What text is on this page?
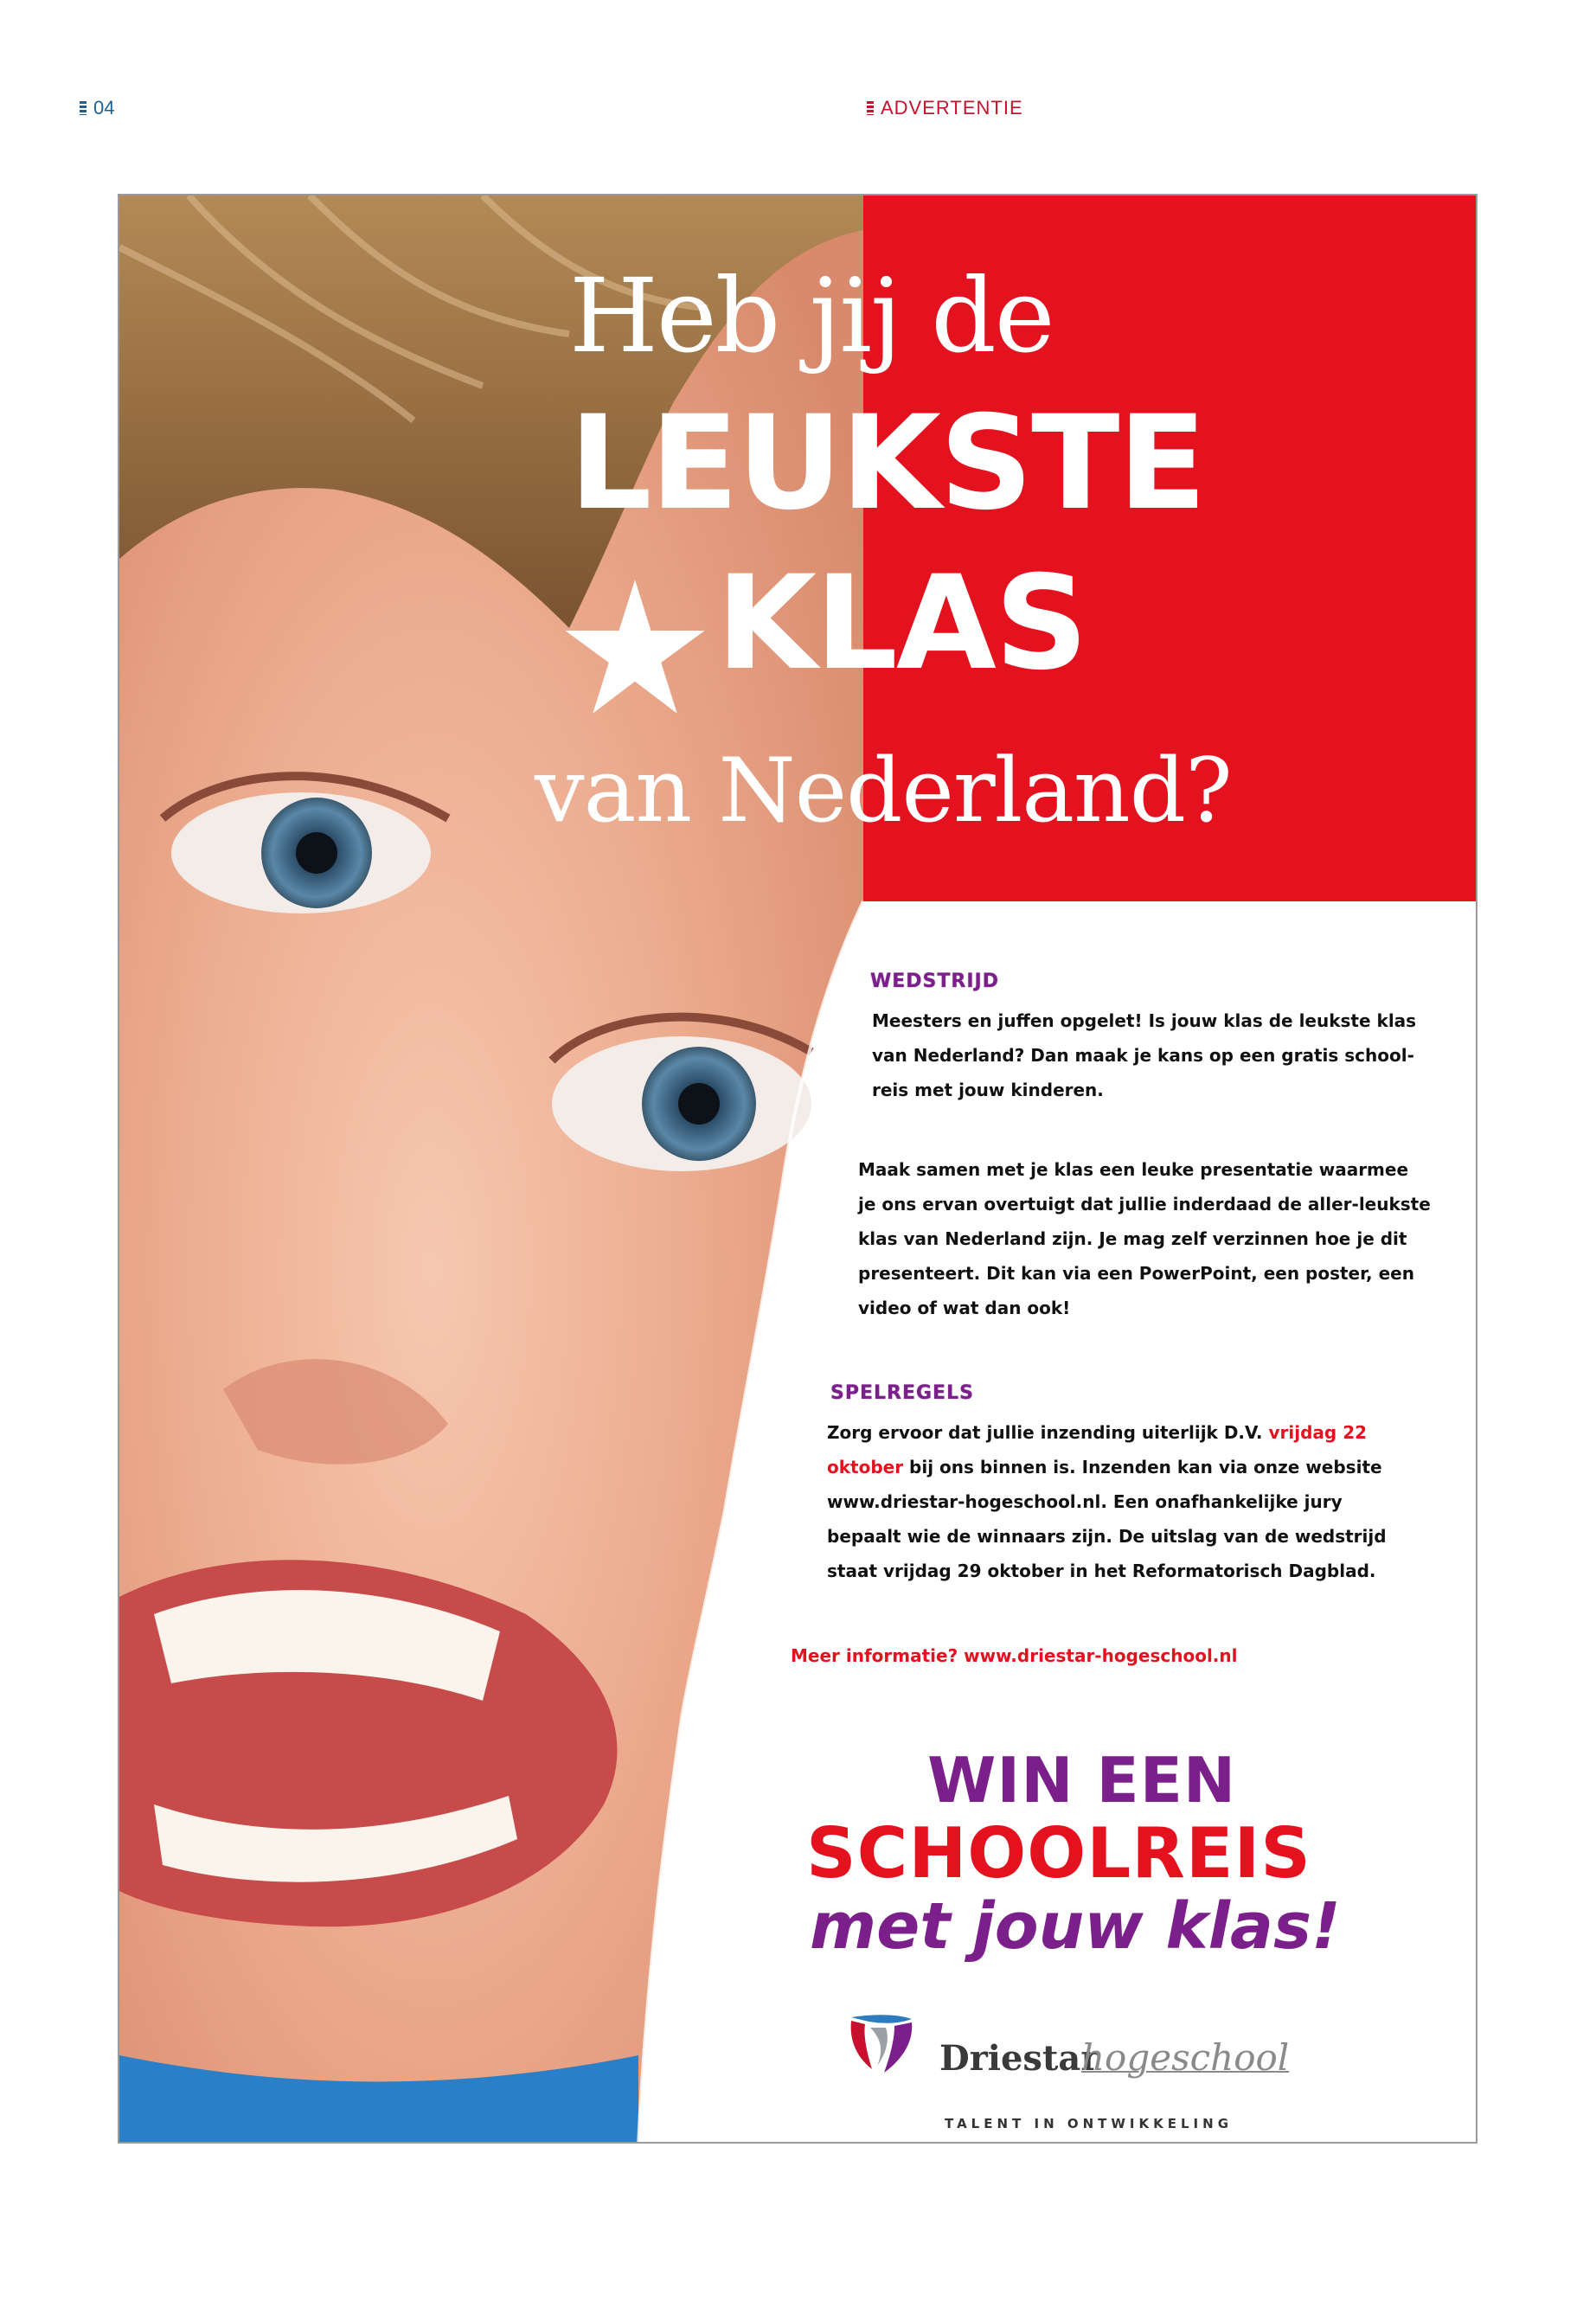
04	ADVERTENTIE
Heb jij de
LEUKSTE
KLAS
van Nederland?
WEDSTRIJD
Meesters en juffen opgelet! Is jouw klas de leukste klas
van Nederland? Dan maak je kans op een gratis school-
reis met jouw kinderen.
Maak samen met je klas een leuke presentatie waarmee
je ons ervan overtuigt dat jullie inderdaad de aller-leukste
klas van Nederland zijn. Je mag zelf verzinnen hoe je dit
presenteert. Dit kan via een PowerPoint, een poster, een
video of wat dan ook!
SPELREGELS
Zorg ervoor dat jullie inzending uiterlijk D.V. vrijdag 22
oktober bij ons binnen is. Inzenden kan via onze website
www.driestar-hogeschool.nl. Een onafhankelijke jury
bepaalt wie de winnaars zijn. De uitslag van de wedstrijd
staat vrijdag 29 oktober in het Reformatorisch Dagblad.
Meer informatie? www.driestar-hogeschool.nl
WIN EEN
SCHOOLREIS
met jouw klas!
Driestar
hogeschool
TALENT IN ONTWIKKELING
